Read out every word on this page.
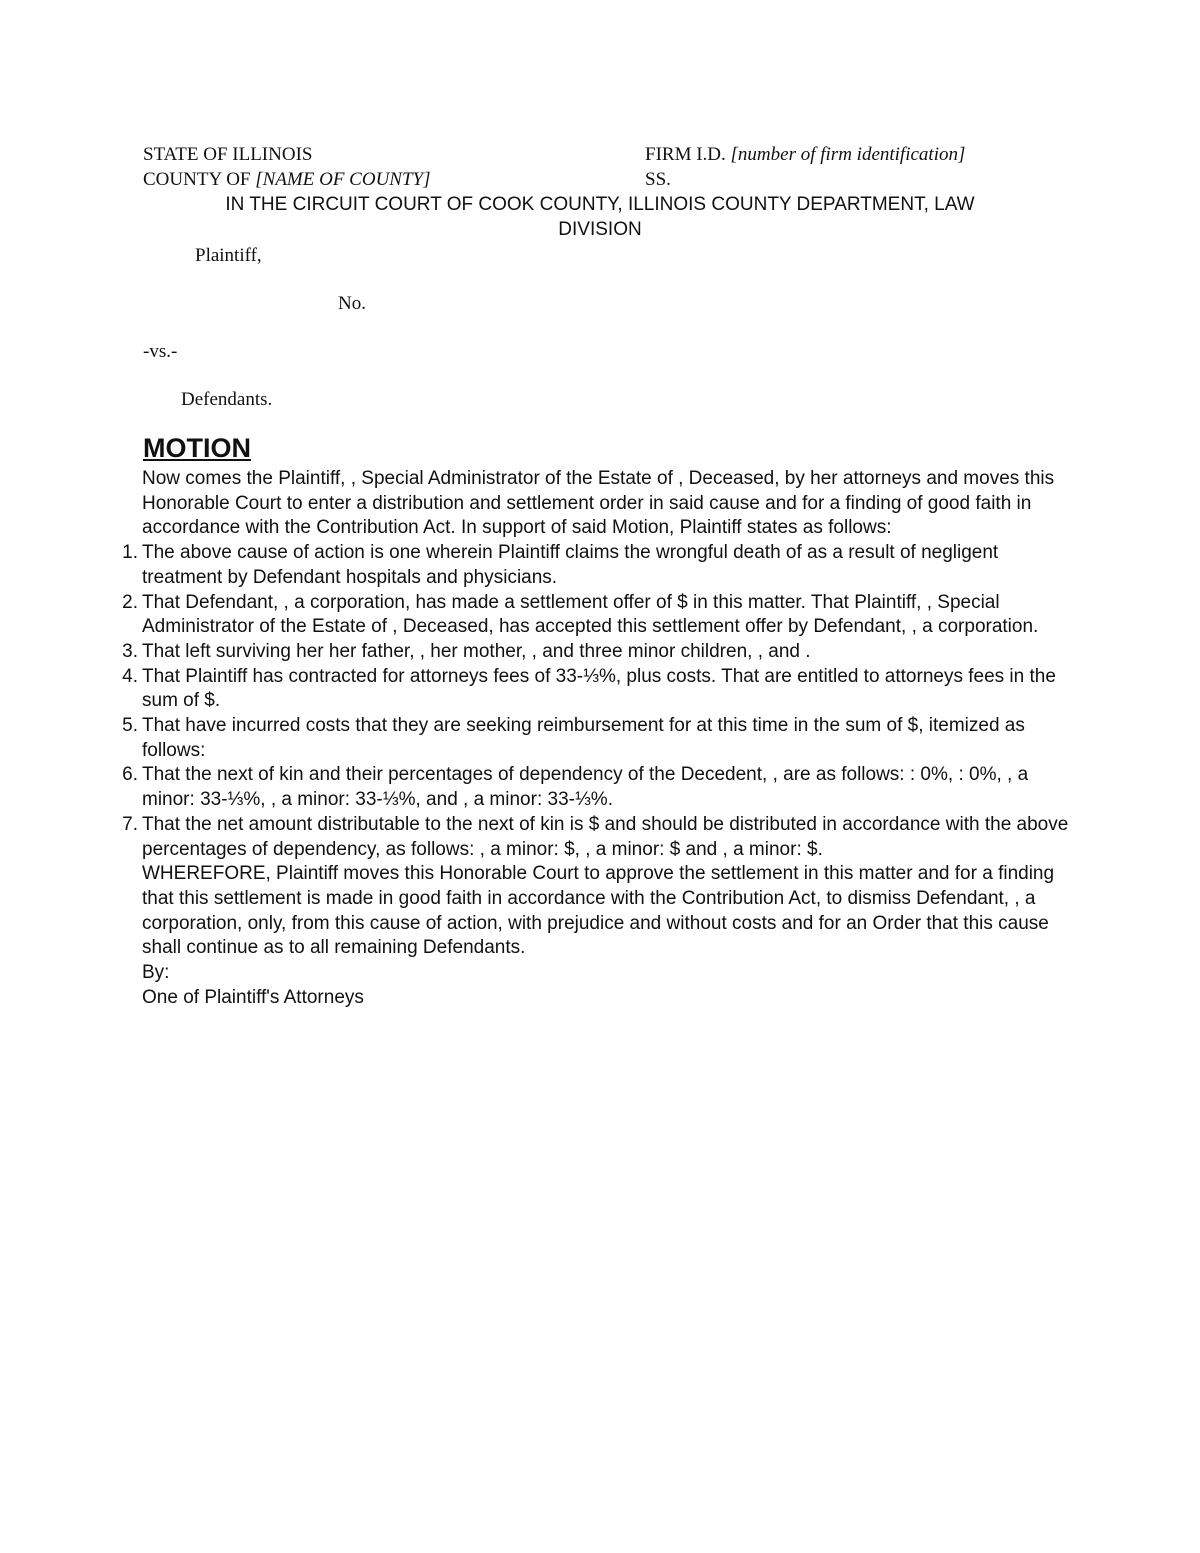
STATE OF ILLINOIS	FIRM I.D. [number of firm identification]
COUNTY OF [NAME OF COUNTY]	SS.
IN THE CIRCUIT COURT OF COOK COUNTY, ILLINOIS COUNTY DEPARTMENT, LAW
DIVISION
Plaintiff,
No.
-vs.-
Defendants.
MOTION

Now comes the Plaintiff, , Special Administrator of the Estate of , Deceased, by her attorneys and moves this Honorable Court to enter a distribution and settlement order in said cause and for a finding of good faith in accordance with the Contribution Act. In support of said Motion, Plaintiff states as follows:

1. The above cause of action is one wherein Plaintiff claims the wrongful death of as a result of negligent treatment by Defendant hospitals and physicians.
2. That Defendant, , a corporation, has made a settlement offer of $ in this matter. That Plaintiff, , Special Administrator of the Estate of , Deceased, has accepted this settlement offer by Defendant, , a corporation.
3. That left surviving her her father, , her mother, , and three minor children, , and .
4. That Plaintiff has contracted for attorneys fees of 33-⅓%, plus costs. That are entitled to attorneys fees in the sum of $.
5. That have incurred costs that they are seeking reimbursement for at this time in the sum of $, itemized as follows:
6. That the next of kin and their percentages of dependency of the Decedent, , are as follows: : 0%, : 0%, , a minor: 33-⅓%, , a minor: 33-⅓%, and , a minor: 33-⅓%.
7. That the net amount distributable to the next of kin is $ and should be distributed in accordance with the above percentages of dependency, as follows: , a minor: $, , a minor: $ and , a minor: $.

WHEREFORE, Plaintiff moves this Honorable Court to approve the settlement in this matter and for a finding that this settlement is made in good faith in accordance with the Contribution Act, to dismiss Defendant, , a corporation, only, from this cause of action, with prejudice and without costs and for an Order that this cause shall continue as to all remaining Defendants.

By:

One of Plaintiff's Attorneys
